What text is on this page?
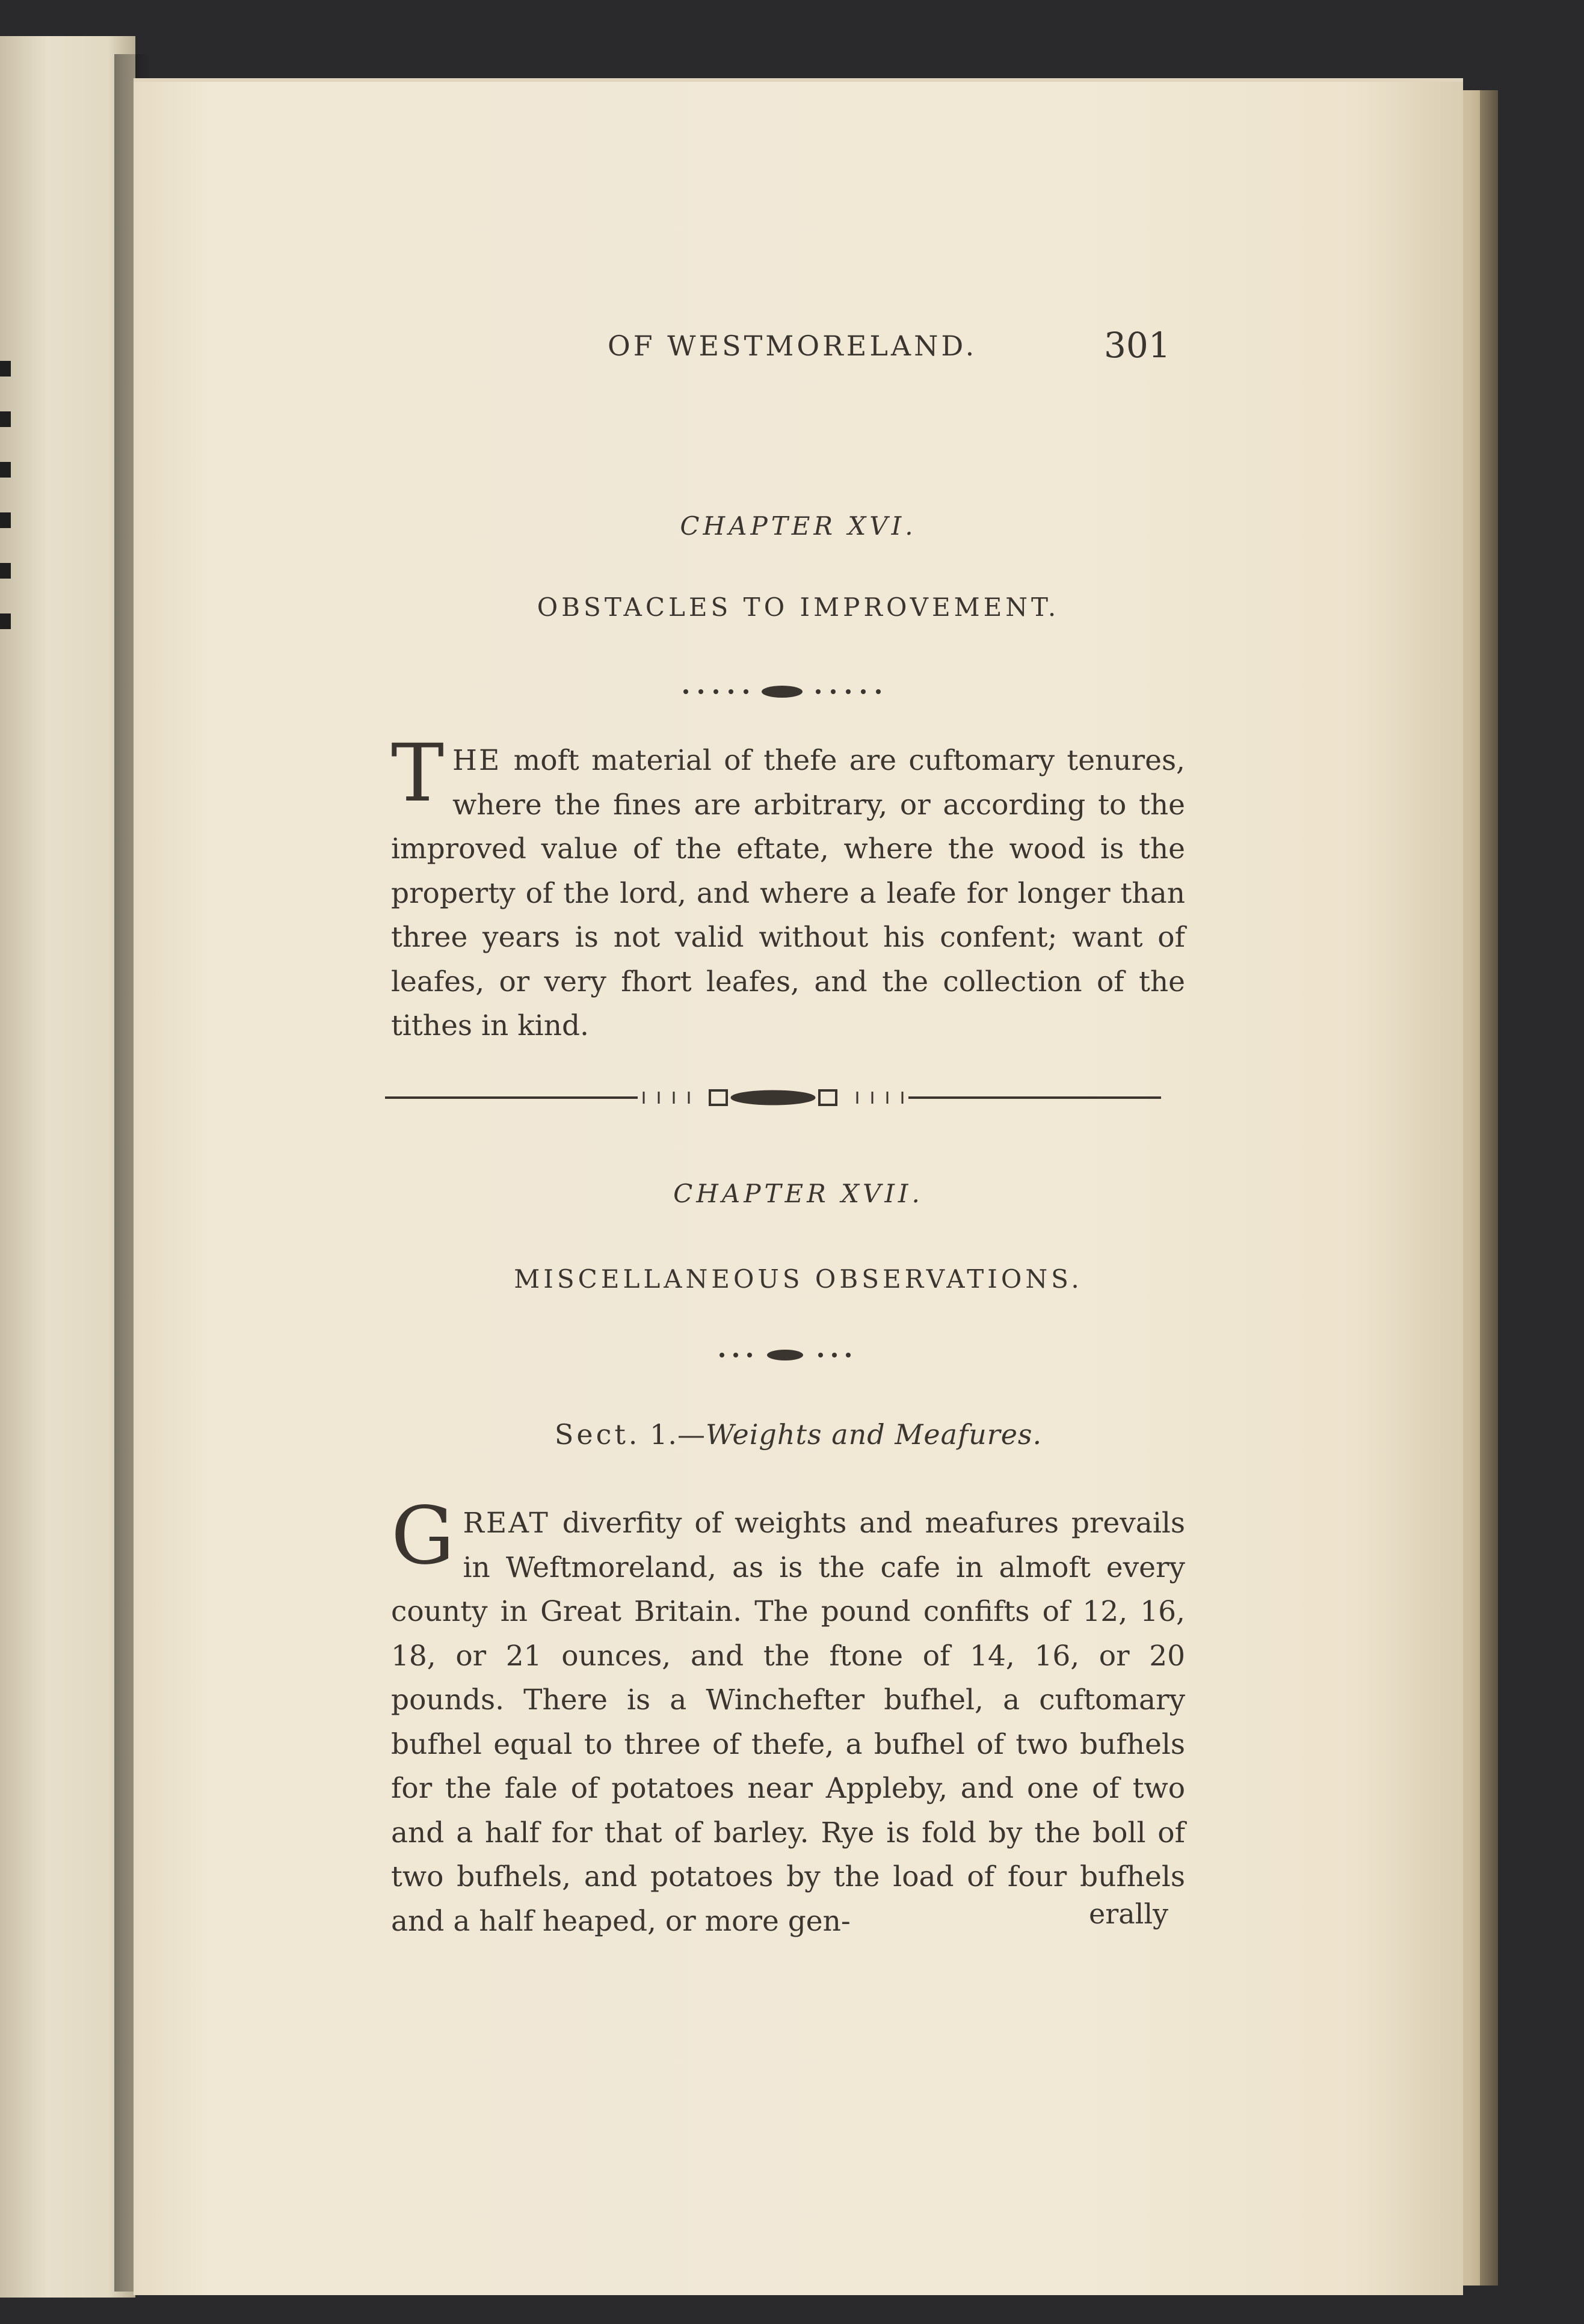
OF WESTMORELAND.	301
CHAPTER XVI.
OBSTACLES TO IMPROVEMENT.
THE moft material of thefe are cuftomary tenures, where the fines are arbitrary, or according to the improved value of the eftate, where the wood is the property of the lord, and where a leafe for longer than three years is not valid without his confent; want of leafes, or very fhort leafes, and the collection of the tithes in kind.
CHAPTER XVII.
MISCELLANEOUS OBSERVATIONS.
Sect. 1.—Weights and Meafures.
GREAT diverfity of weights and meafures prevails in Weftmoreland, as is the cafe in almoft every county in Great Britain. The pound confifts of 12, 16, 18, or 21 ounces, and the ftone of 14, 16, or 20 pounds. There is a Winchefter bufhel, a cuftomary bufhel equal to three of thefe, a bufhel of two bufhels for the fale of potatoes near Appleby, and one of two and a half for that of barley. Rye is fold by the boll of two bufhels, and potatoes by the load of four bufhels and a half heaped, or more gen-	erally
